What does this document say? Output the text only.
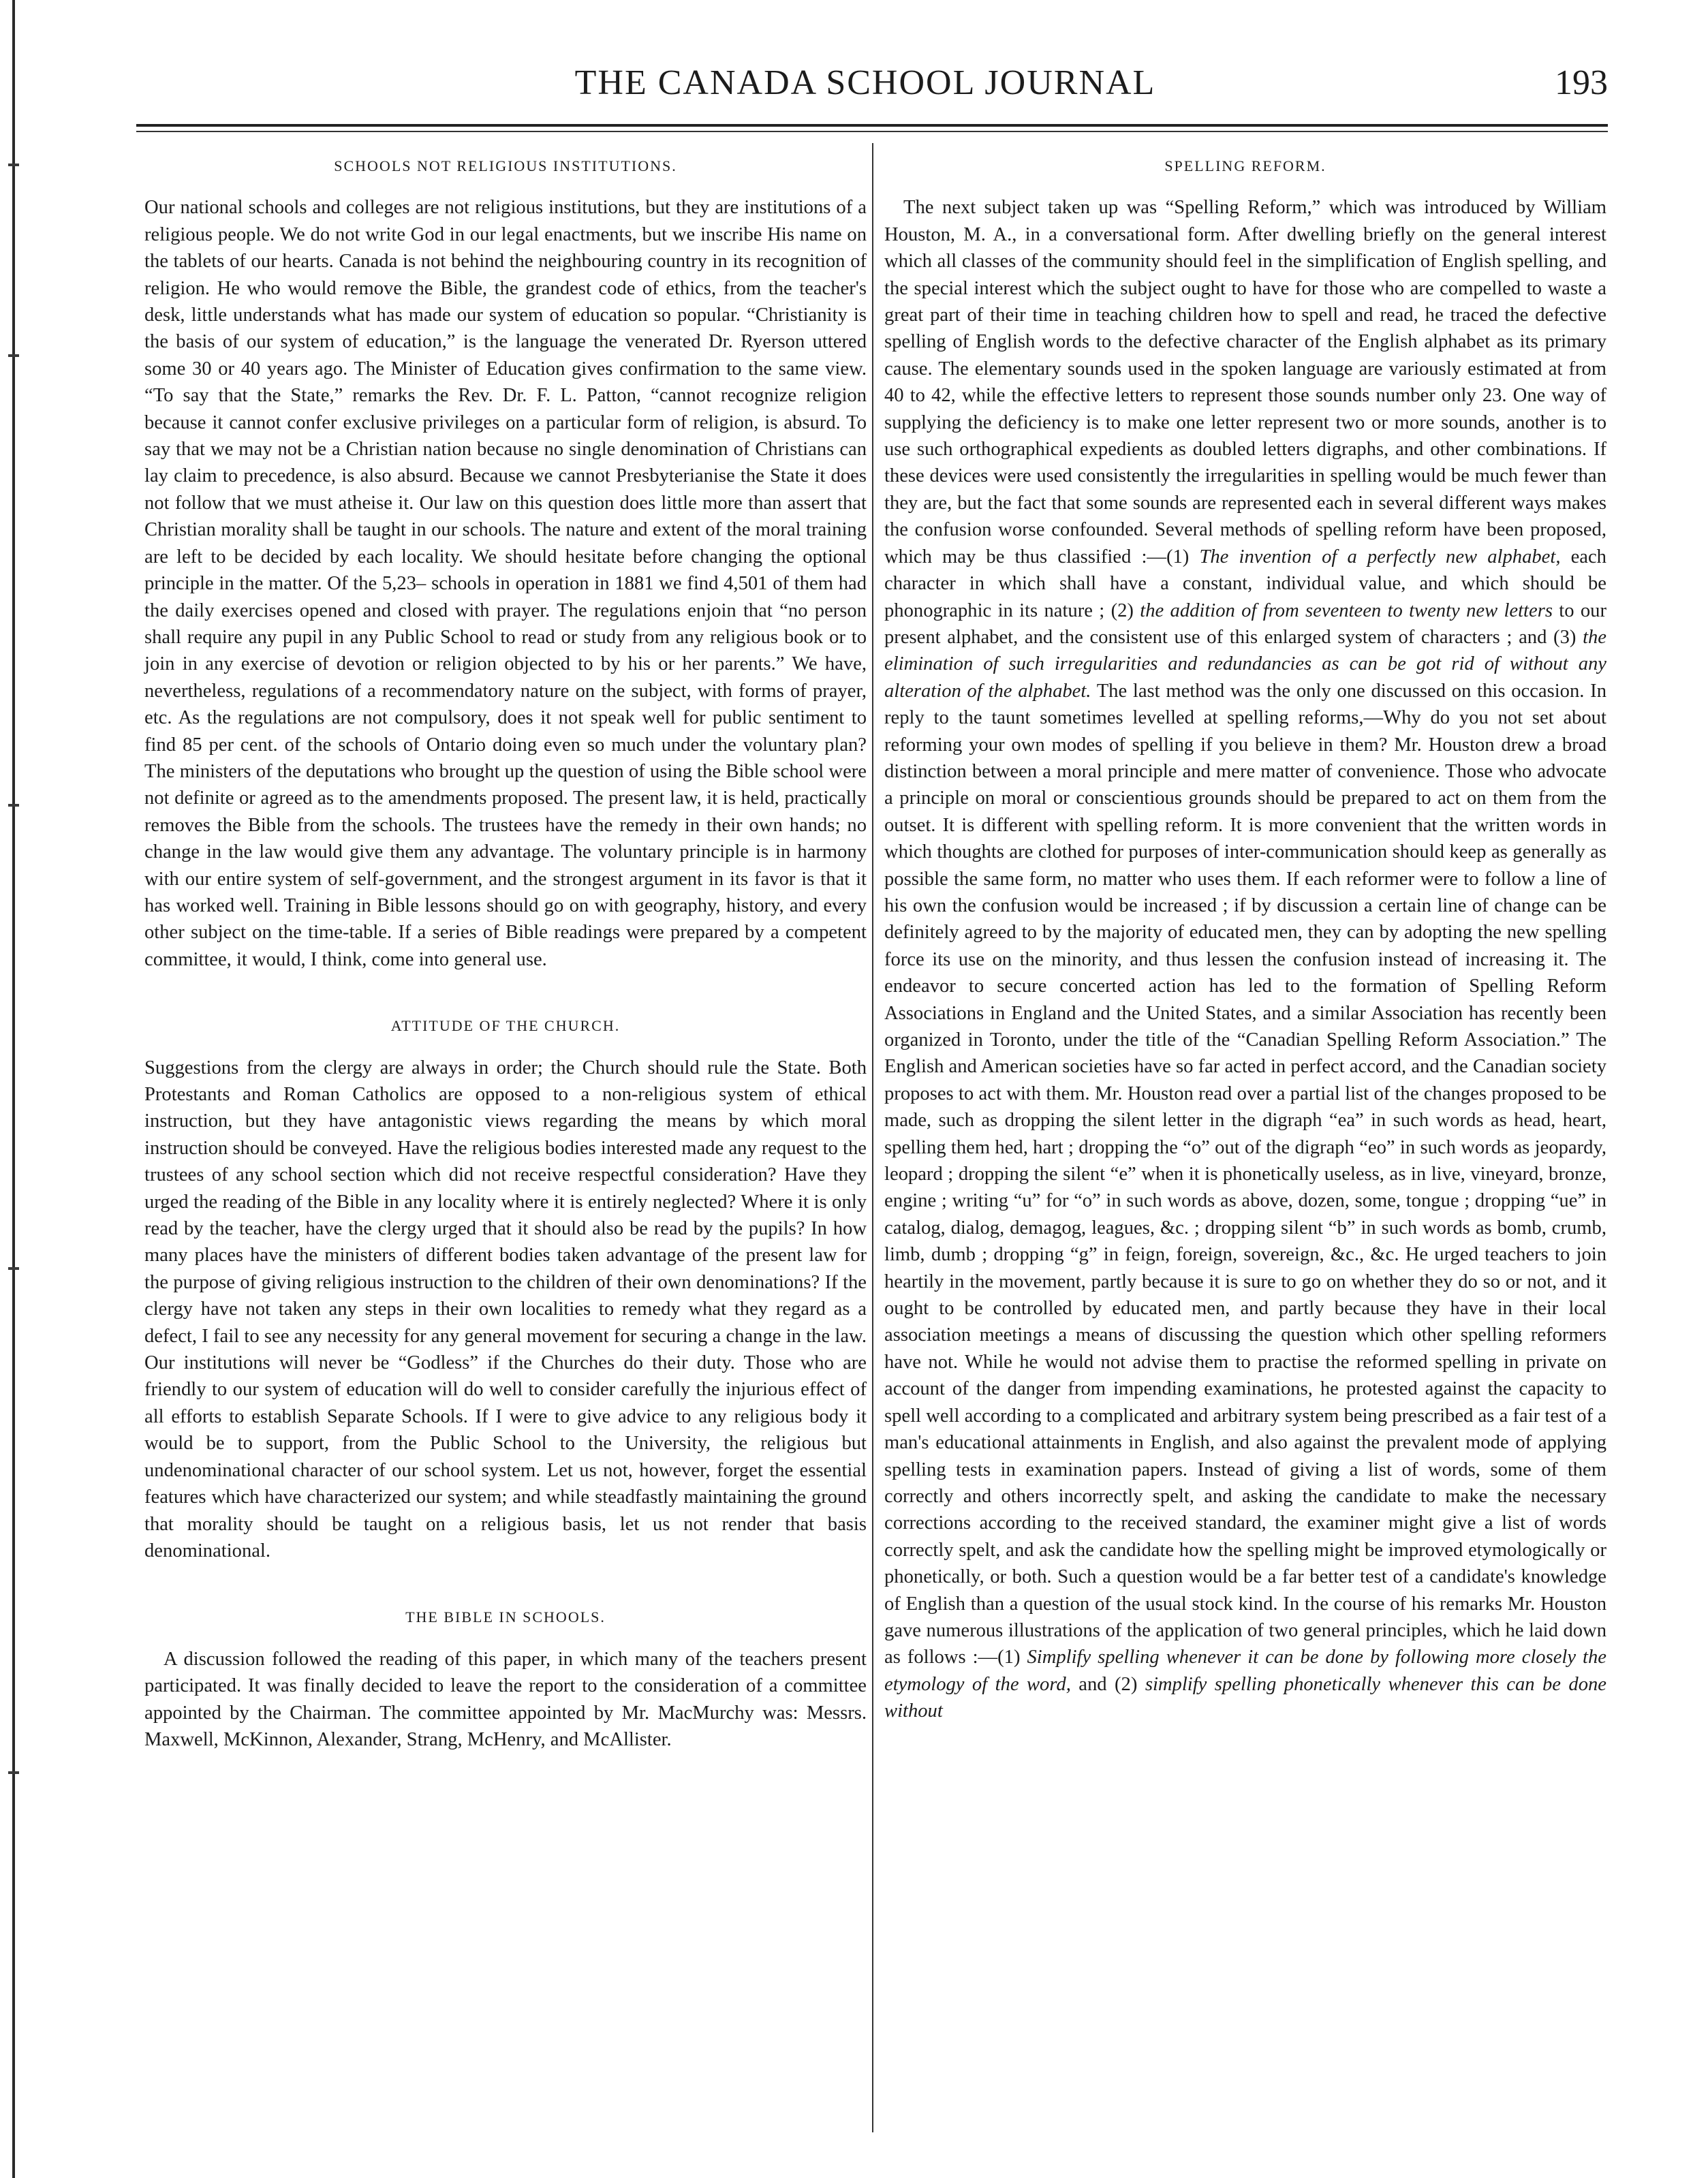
THE CANADA SCHOOL JOURNAL	193
SCHOOLS NOT RELIGIOUS INSTITUTIONS.

Our national schools and colleges are not religious institutions, but they are institutions of a religious people. We do not write God in our legal enactments, but we inscribe His name on the tablets of our hearts. Canada is not behind the neighbouring country in its recognition of religion. He who would remove the Bible, the grandest code of ethics, from the teacher's desk, little understands what has made our system of education so popular. “Christianity is the basis of our system of education,” is the language the venerated Dr. Ryerson uttered some 30 or 40 years ago. The Minister of Education gives confirmation to the same view. “To say that the State,” remarks the Rev. Dr. F. L. Patton, “cannot recognize religion because it cannot confer exclusive privileges on a particular form of religion, is absurd. To say that we may not be a Christian nation because no single denomination of Christians can lay claim to precedence, is also absurd. Because we cannot Presbyterianise the State it does not follow that we must atheise it. Our law on this question does little more than assert that Christian morality shall be taught in our schools. The nature and extent of the moral training are left to be decided by each locality. We should hesitate before changing the optional principle in the matter. Of the 5,23‒ schools in operation in 1881 we find 4,501 of them had the daily exercises opened and closed with prayer. The regulations enjoin that “no person shall require any pupil in any Public School to read or study from any religious book or to join in any exercise of devotion or religion objected to by his or her parents.” We have, nevertheless, regulations of a recommendatory nature on the subject, with forms of prayer, etc. As the regulations are not compulsory, does it not speak well for public sentiment to find 85 per cent. of the schools of Ontario doing even so much under the voluntary plan? The ministers of the deputations who brought up the question of using the Bible school were not definite or agreed as to the amendments proposed. The present law, it is held, practically removes the Bible from the schools. The trustees have the remedy in their own hands; no change in the law would give them any advantage. The voluntary principle is in harmony with our entire system of self-government, and the strongest argument in its favor is that it has worked well. Training in Bible lessons should go on with geography, history, and every other subject on the time-table. If a series of Bible readings were prepared by a competent committee, it would, I think, come into general use.

ATTITUDE OF THE CHURCH.

Suggestions from the clergy are always in order; the Church should rule the State. Both Protestants and Roman Catholics are opposed to a non-religious system of ethical instruction, but they have antagonistic views regarding the means by which moral instruction should be conveyed. Have the religious bodies interested made any request to the trustees of any school section which did not receive respectful consideration? Have they urged the reading of the Bible in any locality where it is entirely neglected? Where it is only read by the teacher, have the clergy urged that it should also be read by the pupils? In how many places have the ministers of different bodies taken advantage of the present law for the purpose of giving religious instruction to the children of their own denominations? If the clergy have not taken any steps in their own localities to remedy what they regard as a defect, I fail to see any necessity for any general movement for securing a change in the law. Our institutions will never be “Godless” if the Churches do their duty. Those who are friendly to our system of education will do well to consider carefully the injurious effect of all efforts to establish Separate Schools. If I were to give advice to any religious body it would be to support, from the Public School to the University, the religious but undenominational character of our school system. Let us not, however, forget the essential features which have characterized our system; and while steadfastly maintaining the ground that morality should be taught on a religious basis, let us not render that basis denominational.

THE BIBLE IN SCHOOLS.

A discussion followed the reading of this paper, in which many of the teachers present participated. It was finally decided to leave the report to the consideration of a committee appointed by the Chairman. The committee appointed by Mr. MacMurchy was: Messrs. Maxwell, McKinnon, Alexander, Strang, McHenry, and McAllister.

SPELLING REFORM.

The next subject taken up was “Spelling Reform,” which was introduced by William Houston, M. A., in a conversational form. After dwelling briefly on the general interest which all classes of the community should feel in the simplification of English spelling, and the special interest which the subject ought to have for those who are compelled to waste a great part of their time in teaching children how to spell and read, he traced the defective spelling of English words to the defective character of the English alphabet as its primary cause. The elementary sounds used in the spoken language are variously estimated at from 40 to 42, while the effective letters to represent those sounds number only 23. One way of supplying the deficiency is to make one letter represent two or more sounds, another is to use such orthographical expedients as doubled letters digraphs, and other combinations. If these devices were used consistently the irregularities in spelling would be much fewer than they are, but the fact that some sounds are represented each in several different ways makes the confusion worse confounded. Several methods of spelling reform have been proposed, which may be thus classified :—(1) The invention of a perfectly new alphabet, each character in which shall have a constant, individual value, and which should be phonographic in its nature ; (2) the addition of from seventeen to twenty new letters to our present alphabet, and the consistent use of this enlarged system of characters ; and (3) the elimination of such irregularities and redundancies as can be got rid of without any alteration of the alphabet. The last method was the only one discussed on this occasion. In reply to the taunt sometimes levelled at spelling reforms,—Why do you not set about reforming your own modes of spelling if you believe in them? Mr. Houston drew a broad distinction between a moral principle and mere matter of convenience. Those who advocate a principle on moral or conscientious grounds should be prepared to act on them from the outset. It is different with spelling reform. It is more convenient that the written words in which thoughts are clothed for purposes of inter-communication should keep as generally as possible the same form, no matter who uses them. If each reformer were to follow a line of his own the confusion would be increased ; if by discussion a certain line of change can be definitely agreed to by the majority of educated men, they can by adopting the new spelling force its use on the minority, and thus lessen the confusion instead of increasing it. The endeavor to secure concerted action has led to the formation of Spelling Reform Associations in England and the United States, and a similar Association has recently been organized in Toronto, under the title of the “Canadian Spelling Reform Association.” The English and American societies have so far acted in perfect accord, and the Canadian society proposes to act with them. Mr. Houston read over a partial list of the changes proposed to be made, such as dropping the silent letter in the digraph “ea” in such words as head, heart, spelling them hed, hart ; dropping the “o” out of the digraph “eo” in such words as jeopardy, leopard ; dropping the silent “e” when it is phonetically useless, as in live, vineyard, bronze, engine ; writing “u” for “o” in such words as above, dozen, some, tongue ; dropping “ue” in catalog, dialog, demagog, leagues, &c. ; dropping silent “b” in such words as bomb, crumb, limb, dumb ; dropping “g” in feign, foreign, sovereign, &c., &c. He urged teachers to join heartily in the movement, partly because it is sure to go on whether they do so or not, and it ought to be controlled by educated men, and partly because they have in their local association meetings a means of discussing the question which other spelling reformers have not. While he would not advise them to practise the reformed spelling in private on account of the danger from impending examinations, he protested against the capacity to spell well according to a complicated and arbitrary system being prescribed as a fair test of a man's educational attainments in English, and also against the prevalent mode of applying spelling tests in examination papers. Instead of giving a list of words, some of them correctly and others incorrectly spelt, and asking the candidate to make the necessary corrections according to the received standard, the examiner might give a list of words correctly spelt, and ask the candidate how the spelling might be improved etymologically or phonetically, or both. Such a question would be a far better test of a candidate's knowledge of English than a question of the usual stock kind. In the course of his remarks Mr. Houston gave numerous illustrations of the application of two general principles, which he laid down as follows :—(1) Simplify spelling whenever it can be done by following more closely the etymology of the word, and (2) simplify spelling phonetically whenever this can be done without
